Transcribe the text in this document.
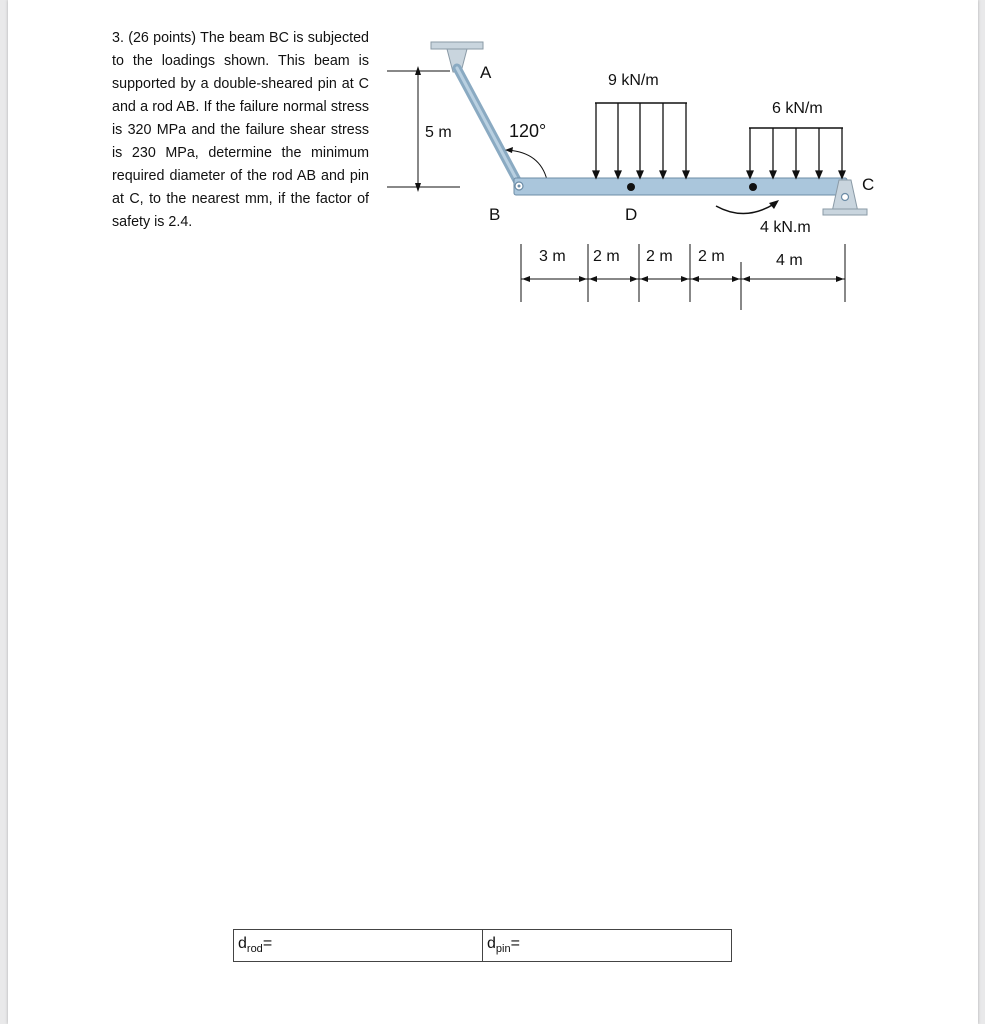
3. (26 points) The beam BC is subjected to the loadings shown. This beam is supported by a double-sheared pin at C and a rod AB. If the failure normal stress is 320 MPa and the failure shear stress is 230 MPa, determine the minimum required diameter of the rod AB and pin at C, to the nearest mm, if the factor of safety is 2.4.
5 m
A
120°
B
9 kN/m
6 kN/m
D
4 kN.m
C
3 m 2 m 2 m 2 m	4 m
$d_{rod}=$	$d_{pin}=$
